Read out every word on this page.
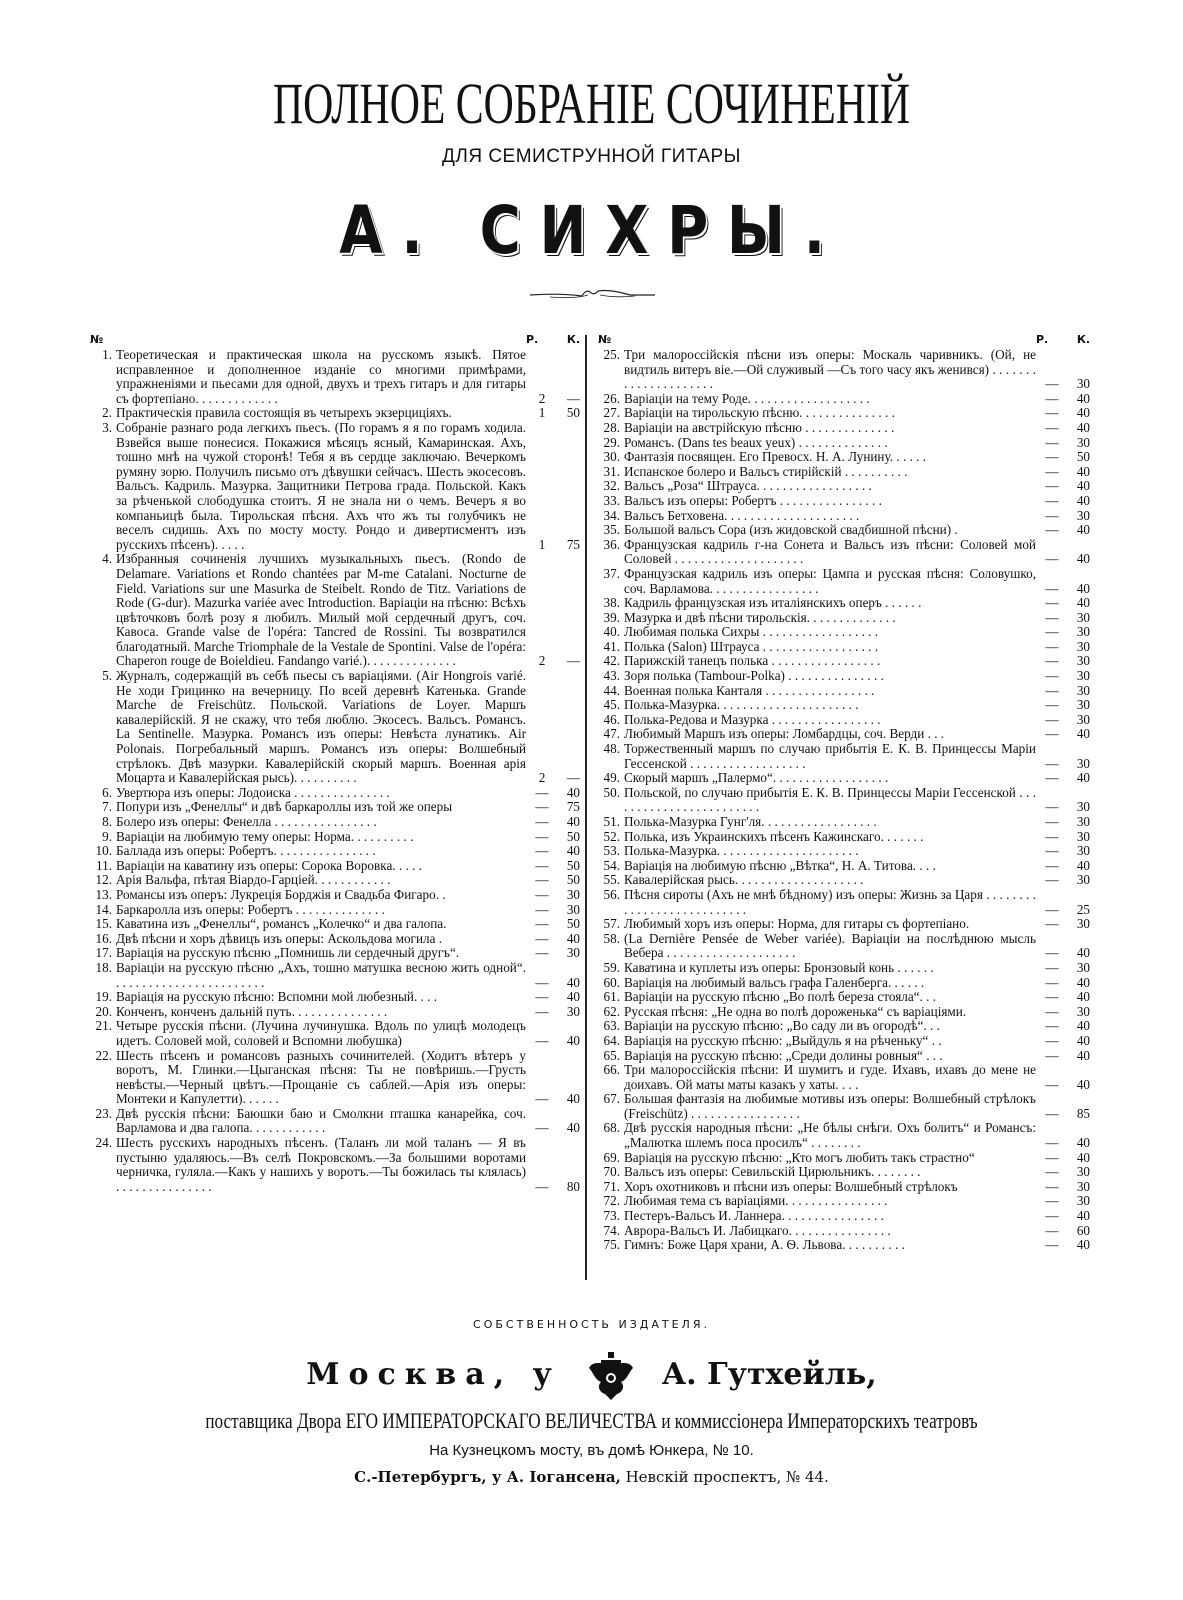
ПОЛНОЕ СОБРАНІЕ СОЧИНЕНІЙ
ДЛЯ СЕМИСТРУННОЙ ГИТАРЫ
А. СИХРЫ.
№	Р.	К.
1. Теоретическая и практическая школа на русскомъ языкѣ. Пятое исправленное и дополненное изданіе со многими примѣрами, упражненіями и пьесами для одной, двухъ и трехъ гитаръ и для гитары съ фортепіано. . . . . . . . . . . . .	2	—
2. Практическія правила состоящія въ четырехъ экзерциціяхъ.	1	50
3. Собраніе разнаго рода легкихъ пьесъ. (По горамъ я я по горамъ ходила. Взвейся выше понесися. Покажися мѣсяцъ ясный, Камаринская. Ахъ, тошно мнѣ на чужой сторонѣ! Тебя я въ сердце заключаю. Вечеркомъ румяну зорю. Получилъ письмо отъ дѣвушки сейчасъ. Шесть экосесовъ. Вальсъ. Кадриль. Мазурка. Защитники Петрова града. Польской. Какъ за рѣченькой слободушка стоитъ. Я не знала ни о чемъ. Вечеръ я во компаньицѣ была. Тирольская пѣсня. Ахъ что жъ ты голубчикъ не веселъ сидишь. Ахъ по мосту мосту. Рондо и дивертисментъ изъ русскихъ пѣсенъ). . . . .	1	75
4. Избранныя сочиненія лучшихъ музыкальныхъ пьесъ. (Rondo de Delamare. Variations et Rondo chantées par M-me Catalani. Nocturne de Field. Variations sur une Masurka de Steibelt. Rondo de Titz. Variations de Rode (G-dur). Mazurka variée avec Introduction. Варіаціи на пѣсню: Всѣхъ цвѣточковъ болѣ розу я любилъ. Милый мой сердечный другъ, соч. Кавоса. Grande valse de l'opéra: Tancred de Rossini. Ты возвратился благодатный. Marche Triomphale de la Vestale de Spontini. Valse de l'opéra: Chaperon rouge de Boieldieu. Fandango varié.). . . . . . . . . . . . . .	2	—
5. Журналъ, содержащій въ себѣ пьесы съ варіаціями. (Air Hongrois varié. Не ходи Грицинко на вечерницу. По всей деревнѣ Катенька. Grande Marche de Freischütz. Польской. Variations de Loyer. Маршъ кавалерійскій. Я не скажу, что тебя люблю. Экосесъ. Вальсъ. Романсъ. La Sentinelle. Мазурка. Романсъ изъ оперы: Невѣста лунатикъ. Air Polonais. Погребальный маршъ. Романсъ изъ оперы: Волшебный стрѣлокъ. Двѣ мазурки. Кавалерійскій скорый маршъ. Военная арія Моцарта и Кавалерійская рысь). . . . . . . . . .	2	—
6. Увертюра изъ оперы: Лодоиска . . . . . . . . . . . . . . .	—	40
7. Попури изъ „Фенеллы“ и двѣ баркароллы изъ той же оперы	—	75
8. Болеро изъ оперы: Фенелла . . . . . . . . . . . . . . . .	—	40
9. Варіаціи на любимую тему оперы: Норма. . . . . . . . . .	—	50
10. Баллада изъ оперы: Робертъ. . . . . . . . . . . . . . . .	—	40
11. Варіаціи на каватину изъ оперы: Сорока Воровка. . . . .	—	50
12. Арія Вальфа, пѣтая Віардо-Гарціей. . . . . . . . . . . .	—	50
13. Романсы изъ оперъ: Лукреція Борджія и Свадьба Фигаро. .	—	30
14. Баркаролла изъ оперы: Робертъ . . . . . . . . . . . . . .	—	30
15. Каватина изъ „Фенеллы“, романсъ „Колечко“ и два галопа.	—	50
16. Двѣ пѣсни и хоръ дѣвицъ изъ оперы: Аскольдова могила .	—	40
17. Варіація на русскую пѣсню „Помнишь ли сердечный другъ“.	—	30
18. Варіаціи на русскую пѣсню „Ахъ, тошно матушка весною жить одной“. . . . . . . . . . . . . . . . . . . . . . . .	—	40
19. Варіація на русскую пѣсню: Вспомни мой любезный. . . .	—	40
20. Конченъ, конченъ дальній путь. . . . . . . . . . . . . . .	—	30
21. Четыре русскія пѣсни. (Лучина лучинушка. Вдоль по улицѣ молодецъ идетъ. Соловей мой, соловей и Вспомни любушка)	—	40
22. Шесть пѣсенъ и романсовъ разныхъ сочинителей. (Ходитъ вѣтеръ у воротъ, М. Глинки.—Цыганская пѣсня: Ты не повѣришь.—Грусть невѣсты.—Черный цвѣтъ.—Прощаніе съ саблей.—Арія изъ оперы: Монтеки и Капулетти). . . . . .	—	40
23. Двѣ русскія пѣсни: Баюшки баю и Смолкни пташка канарейка, соч. Варламова и два галопа. . . . . . . . . . . .	—	40
24. Шесть русскихъ народныхъ пѣсенъ. (Таланъ ли мой таланъ — Я въ пустыню удаляюсь.—Въ селѣ Покровскомъ.—За большими воротами черничка, гуляла.—Какъ у нашихъ у воротъ.—Ты божилась ты клялась) . . . . . . . . . . . . . . .	—	80
№	Р.	К.
25. Три малороссійскія пѣсни изъ оперы: Москаль чаривникъ. (Ой, не видтиль витеръ віе.—Ой служивый —Съ того часу якъ женився) . . . . . . . . . . . . . . . . . . . . .	—	30
26. Варіаціи на тему Роде. . . . . . . . . . . . . . . . . . .	—	40
27. Варіаціи на тирольскую пѣсню. . . . . . . . . . . . . . .	—	40
28. Варіаціи на австрійскую пѣсню . . . . . . . . . . . . . .	—	40
29. Романсъ. (Dans tes beaux yeux) . . . . . . . . . . . . . .	—	30
30. Фантазія посвящен. Его Превосх. Н. А. Лунину. . . . . .	—	50
31. Испанское болеро и Вальсъ стирійскій . . . . . . . . . .	—	40
32. Вальсъ „Роза“ Штрауса. . . . . . . . . . . . . . . . . .	—	40
33. Вальсъ изъ оперы: Робертъ . . . . . . . . . . . . . . . .	—	40
34. Вальсъ Бетховена. . . . . . . . . . . . . . . . . . . . .	—	30
35. Большой вальсъ Сора (изъ жидовской свадбишной пѣсни) .	—	40
36. Французская кадриль г-на Сонета и Вальсъ изъ пѣсни: Соловей мой Соловей . . . . . . . . . . . . . . . . . . . .	—	40
37. Французская кадриль изъ оперы: Цампа и русская пѣсня: Соловушко, соч. Варламова. . . . . . . . . . . . . . . . .	—	40
38. Кадриль французская изъ италіянскихъ оперъ . . . . . .	—	40
39. Мазурка и двѣ пѣсни тирольскія. . . . . . . . . . . . . .	—	30
40. Любимая полька Сихры . . . . . . . . . . . . . . . . . .	—	30
41. Полька (Salon) Штрауса . . . . . . . . . . . . . . . . . .	—	30
42. Парижскій танецъ полька . . . . . . . . . . . . . . . . .	—	30
43. Зоря полька (Tambour-Polka) . . . . . . . . . . . . . . .	—	30
44. Военная полька Канталя . . . . . . . . . . . . . . . . .	—	30
45. Полька-Мазурка. . . . . . . . . . . . . . . . . . . . . .	—	30
46. Полька-Редова и Мазурка . . . . . . . . . . . . . . . . .	—	30
47. Любимый Маршъ изъ оперы: Ломбардцы, соч. Верди . . .	—	40
48. Торжественный маршъ по случаю прибытія Е. К. В. Принцессы Маріи Гессенской . . . . . . . . . . . . . . . . . .	—	30
49. Скорый маршъ „Палермо“. . . . . . . . . . . . . . . . . .	—	40
50. Польской, по случаю прибытія Е. К. В. Принцессы Маріи Гессенской . . . . . . . . . . . . . . . . . . . . . . . .	—	30
51. Полька-Мазурка Гунг'ля. . . . . . . . . . . . . . . . . .	—	30
52. Полька, изъ Украинскихъ пѣсенъ Кажинскаго. . . . . . .	—	30
53. Полька-Мазурка. . . . . . . . . . . . . . . . . . . . . .	—	30
54. Варіація на любимую пѣсню „Вѣтка“, Н. А. Титова. . . .	—	40
55. Кавалерійская рысь. . . . . . . . . . . . . . . . . . . .	—	30
56. Пѣсня сироты (Ахъ не мнѣ бѣдному) изъ оперы: Жизнь за Царя . . . . . . . . . . . . . . . . . . . . . . . . . . .	—	25
57. Любимый хоръ изъ оперы: Норма, для гитары съ фортепіано.	—	30
58. (La Dernière Pensée de Weber variée). Варіаціи на послѣднюю мысль Вебера . . . . . . . . . . . . . . . . . . . .	—	40
59. Каватина и куплеты изъ оперы: Бронзовый конь . . . . . .	—	30
60. Варіація на любимый вальсъ графа Галенберга. . . . . .	—	40
61. Варіаціи на русскую пѣсню „Во полѣ береза стояла“. . .	—	40
62. Русская пѣсня: „Не одна во полѣ дороженька“ съ варіаціями.	—	30
63. Варіаціи на русскую пѣсню: „Во саду ли въ огородѣ“. . .	—	40
64. Варіація на русскую пѣсню: „Выйдуль я на рѣченьку“ . .	—	40
65. Варіація на русскую пѣсню: „Среди долины ровныя“ . . .	—	40
66. Три малороссійскія пѣсни: И шумитъ и гуде. Ихавъ, ихавъ до мене не доихавъ. Ой маты маты казакъ у хаты. . . .	—	40
67. Большая фантазія на любимые мотивы изъ оперы: Волшебный стрѣлокъ (Freischütz) . . . . . . . . . . . . . . . . .	—	85
68. Двѣ русскія народныя пѣсни: „Не бѣлы снѣги. Охъ болитъ“ и Романсъ: „Малютка шлемъ поса просилъ“ . . . . . . . .	—	40
69. Варіація на русскую пѣсню: „Кто могъ любить такъ страстно“	—	40
70. Вальсъ изъ оперы: Севильскій Цирюльникъ. . . . . . . .	—	30
71. Хоръ охотниковъ и пѣсни изъ оперы: Волшебный стрѣлокъ	—	30
72. Любимая тема съ варіаціями. . . . . . . . . . . . . . . .	—	30
73. Пестеръ-Вальсъ И. Ланнера. . . . . . . . . . . . . . . .	—	40
74. Аврора-Вальсъ И. Лабицкаго. . . . . . . . . . . . . . . .	—	60
75. Гимнъ: Боже Царя храни, А. Ѳ. Львова. . . . . . . . . .	—	40
СОБСТВЕННОСТЬ ИЗДАТЕЛЯ.
Москва, у	А. Гутхейль,
поставщика Двора ЕГО ИМПЕРАТОРСКАГО ВЕЛИЧЕСТВА и коммиссіонера Императорскихъ театровъ
На Кузнецкомъ мосту, въ домѣ Юнкера, № 10.
С.-Петербургъ, у А. Іогансена, Невскій проспектъ, № 44.
